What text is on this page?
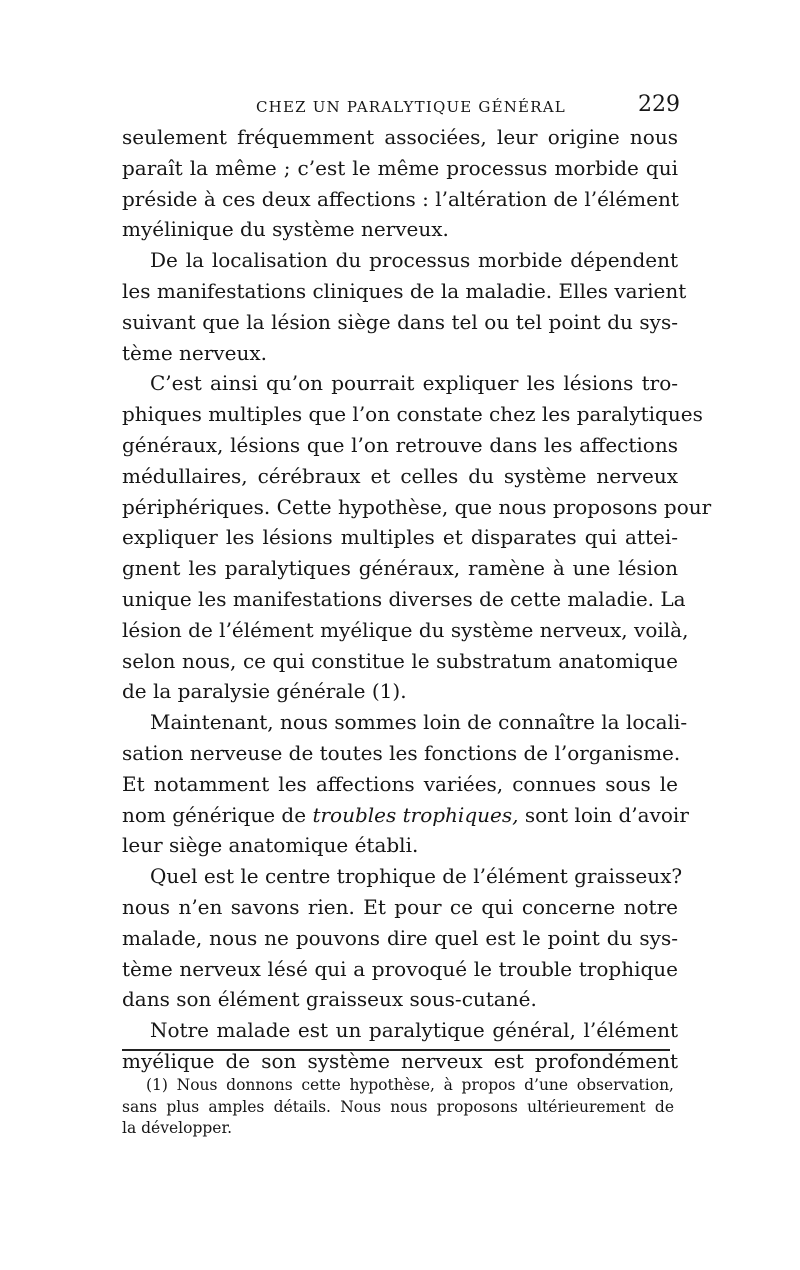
CHEZ UN PARALYTIQUE GÉNÉRAL	229
seulement fréquemment associées, leur origine nous
paraît la même ; c’est le même processus morbide qui
préside à ces deux affections : l’altération de l’élément
myélinique du système nerveux.
De la localisation du processus morbide dépendent
les manifestations cliniques de la maladie. Elles varient
suivant que la lésion siège dans tel ou tel point du sys-
tème nerveux.
C’est ainsi qu’on pourrait expliquer les lésions tro-
phiques multiples que l’on constate chez les paralytiques
généraux, lésions que l’on retrouve dans les affections
médullaires, cérébraux et celles du système nerveux
périphériques. Cette hypothèse, que nous proposons pour
expliquer les lésions multiples et disparates qui attei-
gnent les paralytiques généraux, ramène à une lésion
unique les manifestations diverses de cette maladie. La
lésion de l’élément myélique du système nerveux, voilà,
selon nous, ce qui constitue le substratum anatomique
de la paralysie générale (1).
Maintenant, nous sommes loin de connaître la locali-
sation nerveuse de toutes les fonctions de l’organisme.
Et notamment les affections variées, connues sous le
nom générique de troubles trophiques, sont loin d’avoir
leur siège anatomique établi.
Quel est le centre trophique de l’élément graisseux?
nous n’en savons rien. Et pour ce qui concerne notre
malade, nous ne pouvons dire quel est le point du sys-
tème nerveux lésé qui a provoqué le trouble trophique
dans son élément graisseux sous-cutané.
Notre malade est un paralytique général, l’élément
myélique de son système nerveux est profondément
(1) Nous donnons cette hypothèse, à propos d’une observation,
sans plus amples détails. Nous nous proposons ultérieurement de
la développer.
